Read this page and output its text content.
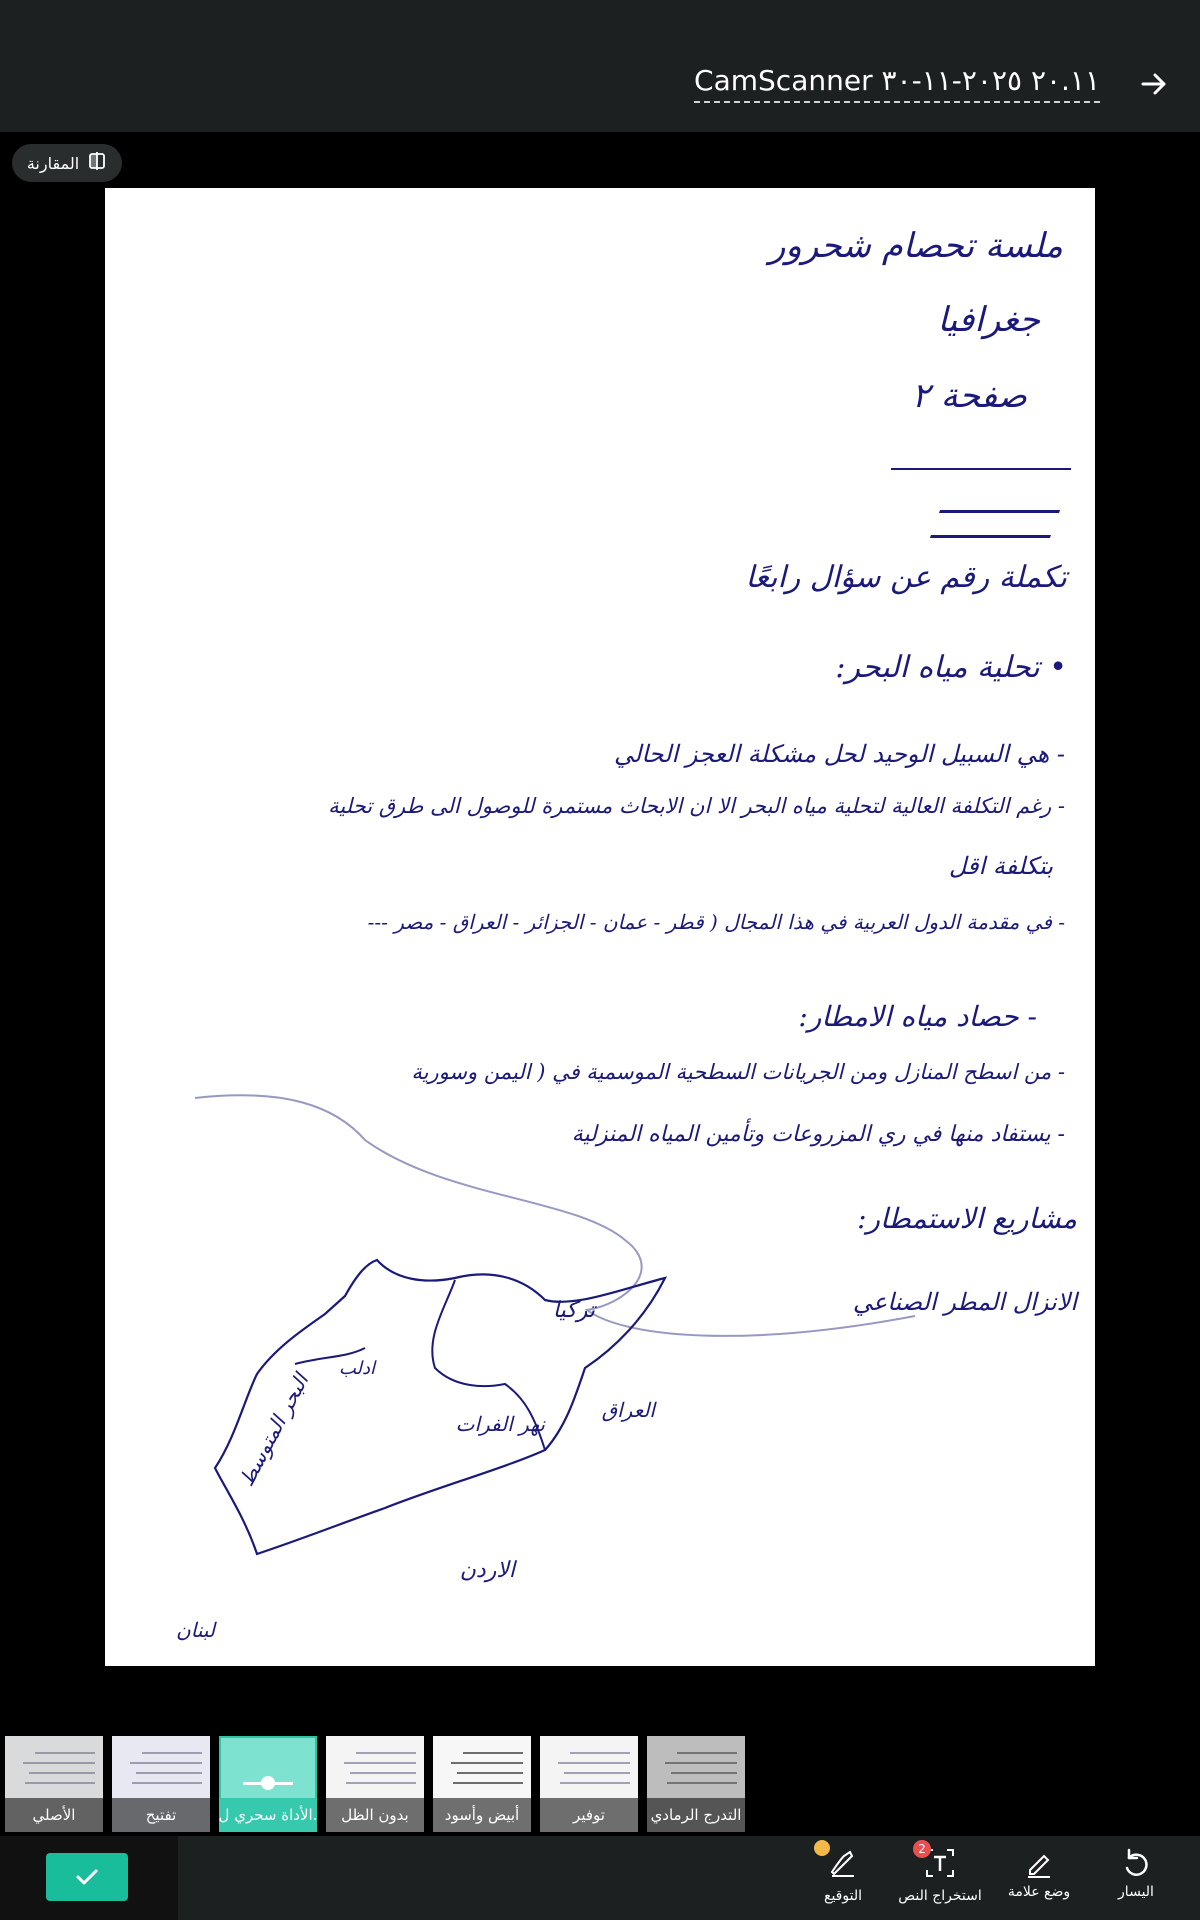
CamScanner ٢٠.١١ ٢٠٢٥-١١-٣٠
المقارنة
ملسة تحصام شحرور
جغرافيا
صفحة ٢
تكملة رقم عن سؤال رابعًا
• تحلية مياه البحر:
- هي السبيل الوحيد لحل مشكلة العجز الحالي
- رغم التكلفة العالية لتحلية مياه البحر الا ان الابحاث مستمرة للوصول الى طرق تحلية
بتكلفة اقل
- في مقدمة الدول العربية في هذا المجال ( قطر - عمان - الجزائر - العراق - مصر ---
- حصاد مياه الامطار:
- من اسطح المنازل ومن الجريانات السطحية الموسمية في ( اليمن وسورية
- يستفاد منها في ري المزروعات وتأمين المياه المنزلية
مشاريع الاستمطار:
الانزال المطر الصناعي
تركيا
العراق
نهر الفرات
ادلب
البحر المتوسط
الاردن
لبنان
الأصلي	تفتيح	الأداة سحري ل.	بدون الظل	أبيض وأسود	توفير	التدرج الرمادي
التوقيع
2
استخراج النص وضع علامة	اليسار
